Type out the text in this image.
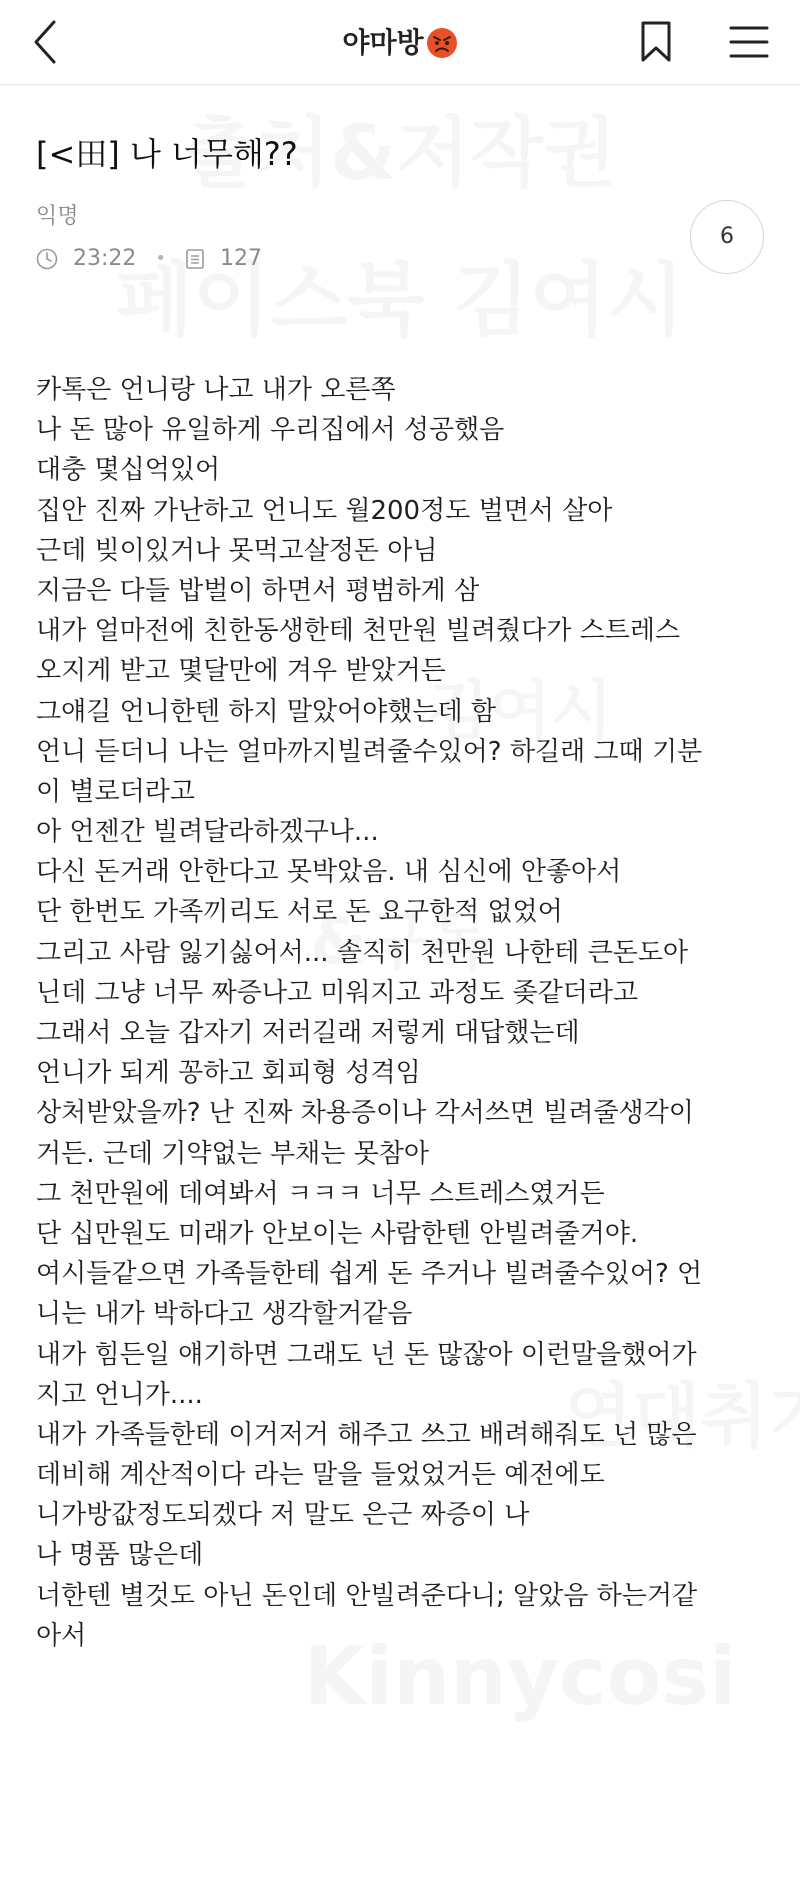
야마방
[<田] 나 너무해??
익명
23:22 • 127
6
카톡은 언니랑 나고 내가 오른쪽
나 돈 많아 유일하게 우리집에서 성공했음
대충 몇십억있어
집안 진짜 가난하고 언니도 월200정도 벌면서 살아
근데 빚이있거나 못먹고살정돈 아님
지금은 다들 밥벌이 하면서 평범하게 삼
내가 얼마전에 친한동생한테 천만원 빌려줬다가 스트레스
오지게 받고 몇달만에 겨우 받았거든
그얘길 언니한텐 하지 말았어야했는데 함
언니 듣더니 나는 얼마까지빌려줄수있어? 하길래 그때 기분
이 별로더라고
아 언젠간 빌려달라하겠구나...
다신 돈거래 안한다고 못박았음. 내 심신에 안좋아서
단 한번도 가족끼리도 서로 돈 요구한적 없었어
그리고 사람 잃기싫어서... 솔직히 천만원 나한테 큰돈도아
닌데 그냥 너무 짜증나고 미워지고 과정도 좆같더라고
그래서 오늘 갑자기 저러길래 저렇게 대답했는데
언니가 되게 꽁하고 회피형 성격임
상처받았을까? 난 진짜 차용증이나 각서쓰면 빌려줄생각이
거든. 근데 기약없는 부채는 못참아
그 천만원에 데여봐서 ㅋㅋㅋ 너무 스트레스였거든
단 십만원도 미래가 안보이는 사람한텐 안빌려줄거야.
여시들같으면 가족들한테 쉽게 돈 주거나 빌려줄수있어? 언
니는 내가 박하다고 생각할거같음
내가 힘든일 얘기하면 그래도 넌 돈 많잖아 이런말을했어가
지고 언니가....
내가 가족들한테 이거저거 해주고 쓰고 배려해줘도 넌 많은
데비해 계산적이다 라는 말을 들었었거든 예전에도
니가방값정도되겠다 저 말도 은근 짜증이 나
나 명품 많은데
너한텐 별것도 아닌 돈인데 안빌려준다니; 알았음 하는거같
아서
